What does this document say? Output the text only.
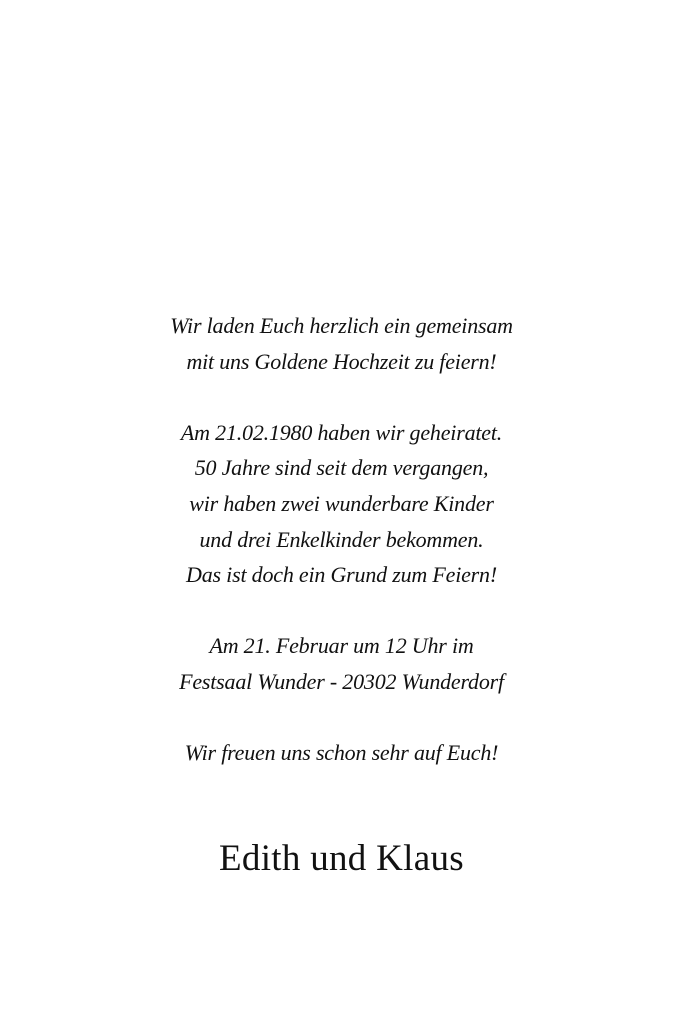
Wir laden Euch herzlich ein gemeinsam
mit uns Goldene Hochzeit zu feiern!
Am 21.02.1980 haben wir geheiratet.
50 Jahre sind seit dem vergangen,
wir haben zwei wunderbare Kinder
und drei Enkelkinder bekommen.
Das ist doch ein Grund zum Feiern!
Am 21. Februar um 12 Uhr im
Festsaal Wunder - 20302 Wunderdorf
Wir freuen uns schon sehr auf Euch!
Edith und Klaus
